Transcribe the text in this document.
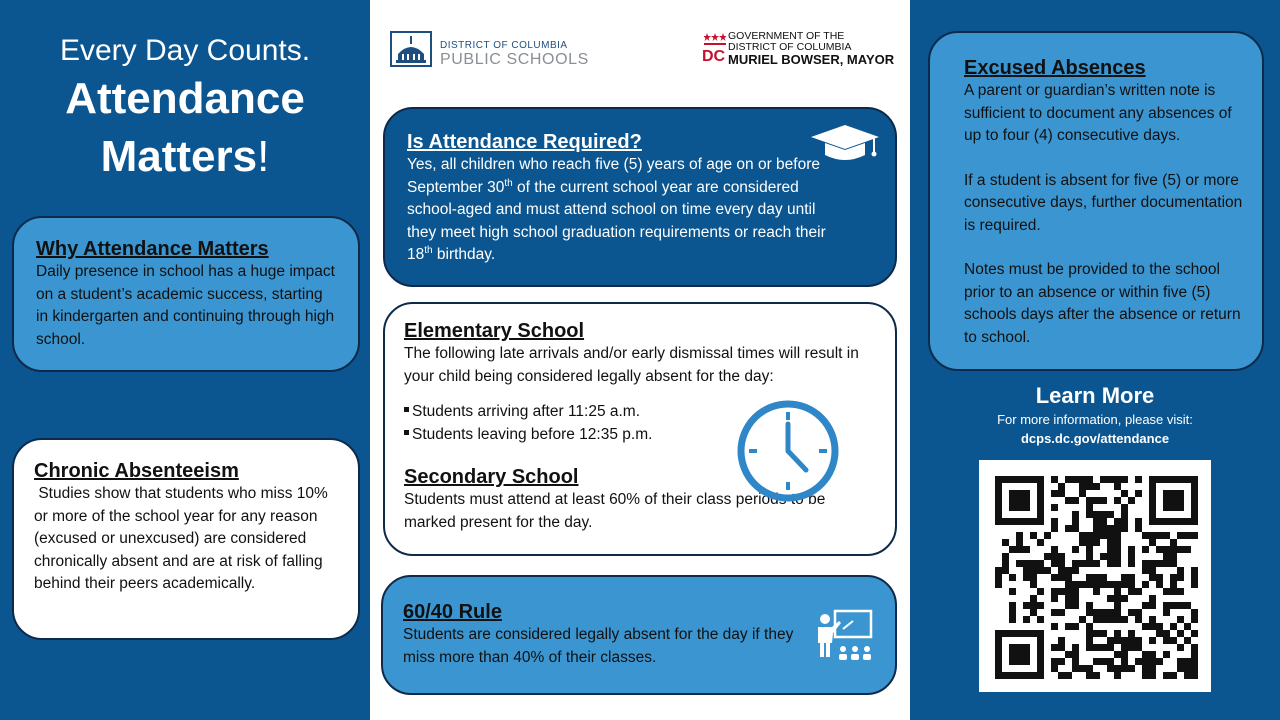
Every Day Counts.
Attendance
Matters!
DISTRICT OF COLUMBIA
PUBLIC SCHOOLS	DC
GOVERNMENT OF THE
DISTRICT OF COLUMBIA
MURIEL BOWSER, MAYOR
Why Attendance Matters

Daily presence in school has a huge impact on a student’s academic success, starting in kindergarten and continuing through high school.

Chronic Absenteeism

Studies show that students who miss 10% or more of the school year for any reason (excused or unexcused) are considered chronically absent and are at risk of falling behind their peers academically.

Is Attendance Required?

Yes, all children who reach five (5) years of age on or before September 30th of the current school year are considered school-aged and must attend school on time every day until they meet high school graduation requirements or reach their 18th birthday.

Elementary School

The following late arrivals and/or early dismissal times will result in your child being considered legally absent for the day:

Students arriving after 11:25 a.m.
Students leaving before 12:35 p.m.
Secondary School

Students must attend at least 60% of their class periods to be marked present for the day.

60/40 Rule

Students are considered legally absent for the day if they miss more than 40% of their classes.

Excused Absences

A parent or guardian’s written note is sufficient to document any absences of up to four (4) consecutive days.

If a student is absent for five (5) or more consecutive days, further documentation is required.

Notes must be provided to the school prior to an absence or within five (5) schools days after the absence or return to school.

Learn More
For more information, please visit:
dcps.dc.gov/attendance
